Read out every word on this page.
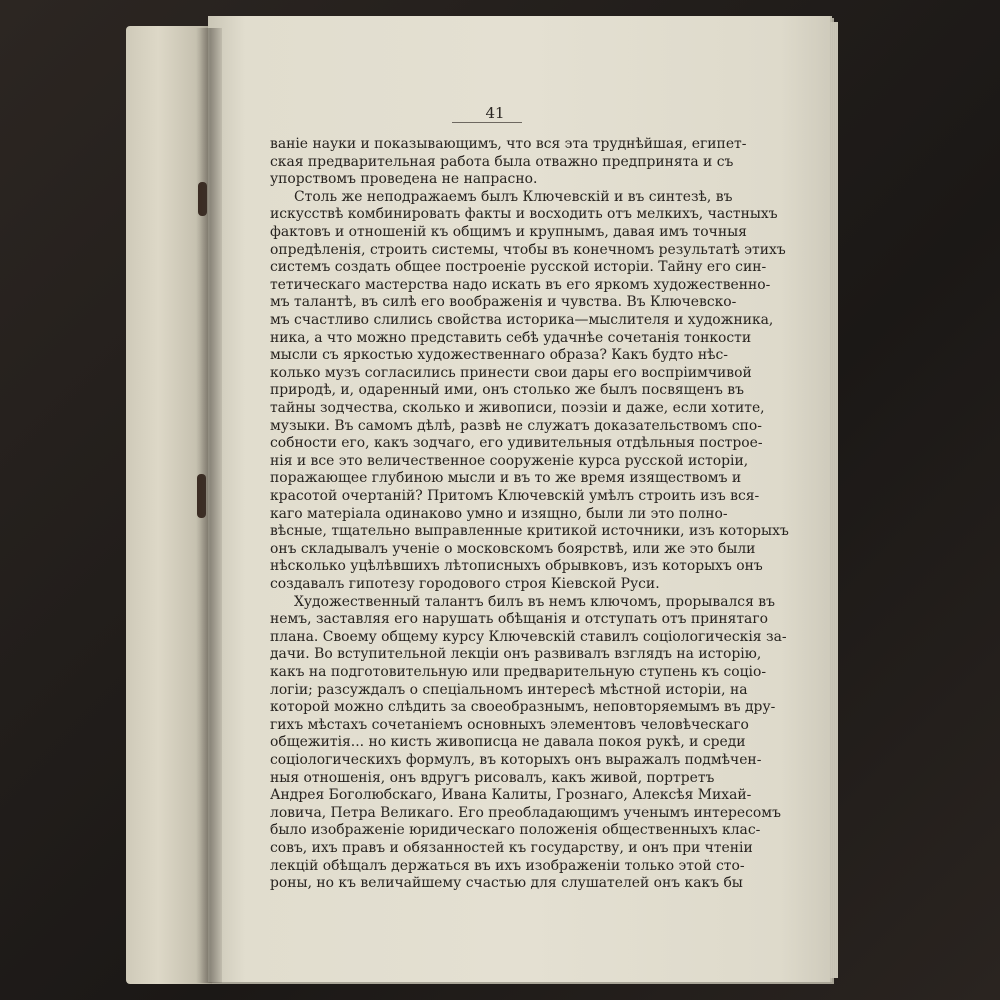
41
ванiе науки и показывающимъ, что вся эта труднѣйшая, египет-
ская предварительная работа была отважно предпринята и съ
упорствомъ проведена не напрасно.
Столь же неподражаемъ былъ Ключевскiй и въ синтезѣ, въ
искусствѣ комбинировать факты и восходить отъ мелкихъ, частныхъ
фактовъ и отношенiй къ общимъ и крупнымъ, давая имъ точныя
опредѣленiя, строить системы, чтобы въ конечномъ результатѣ этихъ
системъ создать общее построенiе русской исторiи. Тайну его син-
тетическаго мастерства надо искать въ его яркомъ художественно-
мъ талантѣ, въ силѣ его воображенiя и чувства. Въ Ключевско-
мъ счастливо слились свойства историка—мыслителя и художника,
ника, а что можно представить себѣ удачнѣе сочетанiя тонкости
мысли съ яркостью художественнаго образа? Какъ будто нѣс-
колько музъ согласились принести свои дары его воспрiимчивой
природѣ, и, одаренный ими, онъ столько же былъ посвященъ въ
тайны зодчества, сколько и живописи, поэзiи и даже, если хотите,
музыки. Въ самомъ дѣлѣ, развѣ не служатъ доказательствомъ спо-
собности его, какъ зодчаго, его удивительныя отдѣльныя построе-
нiя и все это величественное сооруженiе курса русской исторiи,
поражающее глубиною мысли и въ то же время изяществомъ и
красотой очертанiй? Притомъ Ключевскiй умѣлъ строить изъ вся-
каго матерiала одинаково умно и изящно, были ли это полно-
вѣсные, тщательно выправленные критикой источники, изъ которыхъ
онъ складывалъ ученiе о московскомъ боярствѣ, или же это были
нѣсколько уцѣлѣвшихъ лѣтописныхъ обрывковъ, изъ которыхъ онъ
создавалъ гипотезу городового строя Кiевской Руси.
Художественный талантъ билъ въ немъ ключомъ, прорывался въ
немъ, заставляя его нарушать обѣщанiя и отступать отъ принятаго
плана. Своему общему курсу Ключевскiй ставилъ соцiологическiя за-
дачи. Во вступительной лекцiи онъ развивалъ взглядъ на исторiю,
какъ на подготовительную или предварительную ступень къ соцiо-
логiи; разсуждалъ о спецiальномъ интересѣ мѣстной исторiи, на
которой можно слѣдить за своеобразнымъ, неповторяемымъ въ дру-
гихъ мѣстахъ сочетанiемъ основныхъ элементовъ человѣческаго
общежитiя... но кисть живописца не давала покоя рукѣ, и среди
соцiологическихъ формулъ, въ которыхъ онъ выражалъ подмѣчен-
ныя отношенiя, онъ вдругъ рисовалъ, какъ живой, портретъ
Андрея Боголюбскаго, Ивана Калиты, Грознаго, Алексѣя Михай-
ловича, Петра Великаго. Его преобладающимъ ученымъ интересомъ
было изображенiе юридическаго положенiя общественныхъ клас-
совъ, ихъ правъ и обязанностей къ государству, и онъ при чтенiи
лекцiй обѣщалъ держаться въ ихъ изображенiи только этой сто-
роны, но къ величайшему счастью для слушателей онъ какъ бы
